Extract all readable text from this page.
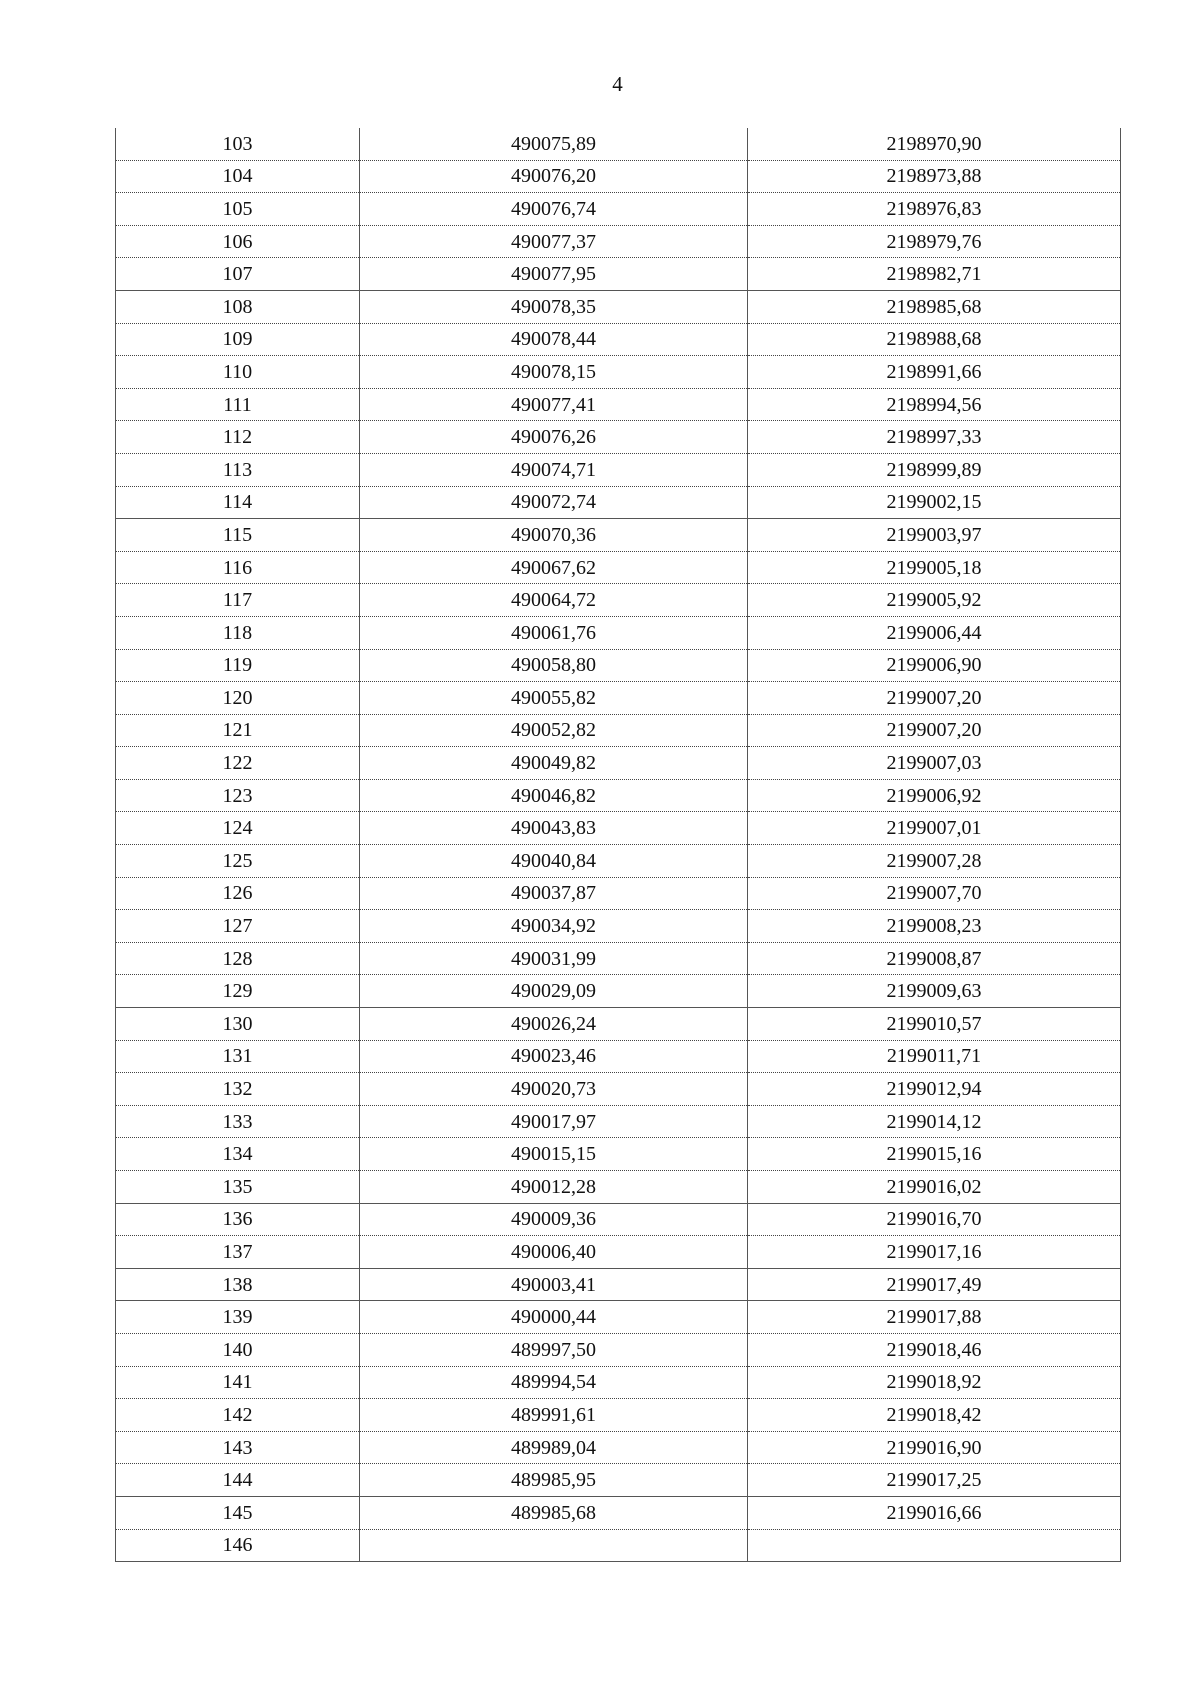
4
103	490075,89	2198970,90
104	490076,20	2198973,88
105	490076,74	2198976,83
106	490077,37	2198979,76
107	490077,95	2198982,71
108	490078,35	2198985,68
109	490078,44	2198988,68
110	490078,15	2198991,66
111	490077,41	2198994,56
112	490076,26	2198997,33
113	490074,71	2198999,89
114	490072,74	2199002,15
115	490070,36	2199003,97
116	490067,62	2199005,18
117	490064,72	2199005,92
118	490061,76	2199006,44
119	490058,80	2199006,90
120	490055,82	2199007,20
121	490052,82	2199007,20
122	490049,82	2199007,03
123	490046,82	2199006,92
124	490043,83	2199007,01
125	490040,84	2199007,28
126	490037,87	2199007,70
127	490034,92	2199008,23
128	490031,99	2199008,87
129	490029,09	2199009,63
130	490026,24	2199010,57
131	490023,46	2199011,71
132	490020,73	2199012,94
133	490017,97	2199014,12
134	490015,15	2199015,16
135	490012,28	2199016,02
136	490009,36	2199016,70
137	490006,40	2199017,16
138	490003,41	2199017,49
139	490000,44	2199017,88
140	489997,50	2199018,46
141	489994,54	2199018,92
142	489991,61	2199018,42
143	489989,04	2199016,90
144	489985,95	2199017,25
145	489985,68	2199016,66
146		
